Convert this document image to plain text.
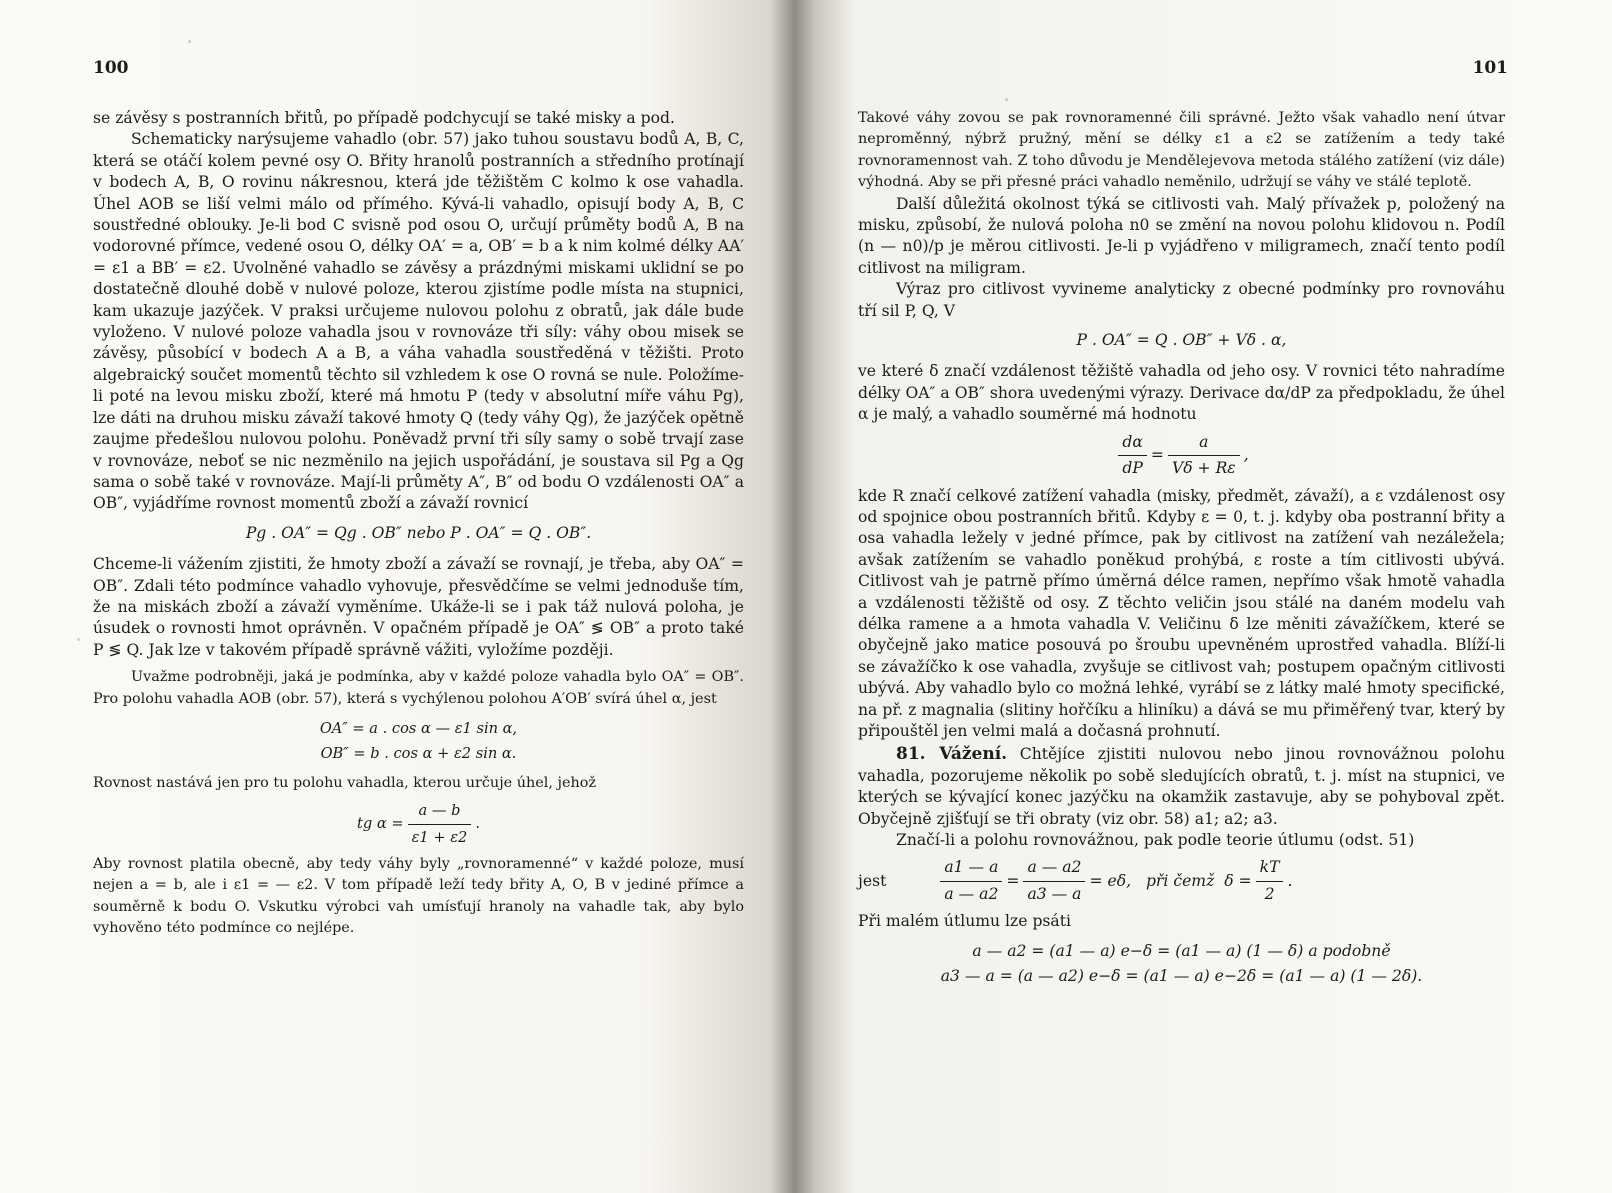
100

se závěsy s postranních břitů, po případě podchycují se také misky a pod.

Schematicky narýsujeme vahadlo (obr. 57) jako tuhou soustavu bodů A, B, C, která se otáčí kolem pevné osy O. Břity hranolů postranních a středního protínají v bodech A, B, O rovinu nákresnou, která jde těžištěm C kolmo k ose vahadla. Úhel AOB se liší velmi málo od přímého. Kývá-li vahadlo, opisují body A, B, C soustředné oblouky. Je-li bod C svisně pod osou O, určují průměty bodů A, B na vodorovné přímce, vedené osou O, délky OA′ = a, OB′ = b a k nim kolmé délky AA′ = ε1 a BB′ = ε2. Uvolněné vahadlo se závěsy a prázdnými miskami uklidní se po dostatečně dlouhé době v nulové poloze, kterou zjistíme podle místa na stupnici, kam ukazuje jazýček. V praksi určujeme nulovou polohu z obratů, jak dále bude vyloženo. V nulové poloze vahadla jsou v rovnováze tři síly: váhy obou misek se závěsy, působící v bodech A a B, a váha vahadla soustředěná v těžišti. Proto algebraický součet momentů těchto sil vzhledem k ose O rovná se nule. Položíme-li poté na levou misku zboží, které má hmotu P (tedy v absolutní míře váhu Pg), lze dáti na druhou misku závaží takové hmoty Q (tedy váhy Qg), že jazýček opětně zaujme předešlou nulovou polohu. Poněvadž první tři síly samy o sobě trvají zase v rovnováze, neboť se nic nezměnilo na jejich uspořádání, je soustava sil Pg a Qg sama o sobě také v rovnováze. Mají-li průměty A″, B″ od bodu O vzdálenosti OA″ a OB″, vyjádříme rovnost momentů zboží a závaží rovnicí

Pg . OA″ = Qg . OB″ nebo P . OA″ = Q . OB″.

Chceme-li vážením zjistiti, že hmoty zboží a závaží se rovnají, je třeba, aby OA″ = OB″. Zdali této podmínce vahadlo vyhovuje, přesvědčíme se velmi jednoduše tím, že na miskách zboží a závaží vyměníme. Ukáže-li se i pak táž nulová poloha, je úsudek o rovnosti hmot oprávněn. V opačném případě je OA″ ≶ OB″ a proto také P ≶ Q. Jak lze v takovém případě správně vážiti, vyložíme později.

Uvažme podrobněji, jaká je podmínka, aby v každé poloze vahadla bylo OA″ = OB″. Pro polohu vahadla AOB (obr. 57), která s vychýlenou polohou A′OB′ svírá úhel α, jest

OA″ = a . cos α — ε1 sin α,
OB″ = b . cos α + ε2 sin α.

Rovnost nastává jen pro tu polohu vahadla, kterou určuje úhel, jehož

tg $\alpha = \frac{a — b}{\varepsilon 1 + \varepsilon 2}$ .

Aby rovnost platila obecně, aby tedy váhy byly „rovnoramenné“ v každé poloze, musí nejen a = b, ale i ε1 = — ε2. V tom případě leží tedy břity A, O, B v jediné přímce a souměrně k bodu O. Vskutku výrobci vah umísťují hranoly na vahadle tak, aby bylo vyhověno této podmínce co nejlépe.

101

Takové váhy zovou se pak rovnoramenné čili správné. Ježto však vahadlo není útvar neproměnný, nýbrž pružný, mění se délky ε1 a ε2 se zatížením a tedy také rovnoramennost vah. Z toho důvodu je Mendělejevova metoda stálého zatížení (viz dále) výhodná. Aby se při přesné práci vahadlo neměnilo, udržují se váhy ve stálé teplotě.

Další důležitá okolnost týká se citlivosti vah. Malý přívažek p, položený na misku, způsobí, že nulová poloha n0 se změní na novou polohu klidovou n. Podíl (n — n0)/p je měrou citlivosti. Je-li p vyjádřeno v miligramech, značí tento podíl citlivost na miligram.

Výraz pro citlivost vyvineme analyticky z obecné podmínky pro rovnováhu tří sil P, Q, V

P . OA″ = Q . OB″ + Vδ . α,

ve které δ značí vzdálenost těžiště vahadla od jeho osy. V rovnici této nahradíme délky OA″ a OB″ shora uvedenými výrazy. Derivace dα/dP za předpokladu, že úhel α je malý, a vahadlo souměrné má hodnotu

$\frac{d\alpha}{dP} = \frac{a}{V\delta + R\varepsilon}$ ,

kde R značí celkové zatížení vahadla (misky, předmět, závaží), a ε vzdálenost osy od spojnice obou postranních břitů. Kdyby ε = 0, t. j. kdyby oba postranní břity a osa vahadla ležely v jedné přímce, pak by citlivost na zatížení vah nezáležela; avšak zatížením se vahadlo poněkud prohýbá, ε roste a tím citlivosti ubývá. Citlivost vah je patrně přímo úměrná délce ramen, nepřímo však hmotě vahadla a vzdálenosti těžiště od osy. Z těchto veličin jsou stálé na daném modelu vah délka ramene a a hmota vahadla V. Veličinu δ lze měniti závažíčkem, které se obyčejně jako matice posouvá po šroubu upevněném uprostřed vahadla. Blíží-li se závažíčko k ose vahadla, zvyšuje se citlivost vah; postupem opačným citlivosti ubývá. Aby vahadlo bylo co možná lehké, vyrábí se z látky malé hmoty specifické, na př. z magnalia (slitiny hořčíku a hliníku) a dává se mu přiměřený tvar, který by připouštěl jen velmi malá a dočasná prohnutí.

81. Vážení. Chtějíce zjistiti nulovou nebo jinou rovnovážnou polohu vahadla, pozorujeme několik po sobě sledujících obratů, t. j. míst na stupnici, ve kterých se kývající konec jazýčku na okamžik zastavuje, aby se pohyboval zpět. Obyčejně zjišťují se tři obraty (viz obr. 58) a1; a2; a3.

Značí-li a polohu rovnovážnou, pak podle teorie útlumu (odst. 51)

jest	$\frac{a1 — a}{a — a2} = \frac{a — a2}{a3 — a} = e\delta$,   při čemž  $\delta = \frac{kT}{2}$ .

Při malém útlumu lze psáti

a — a2 = (a1 — a) e−δ = (a1 — a) (1 — δ) a podobně
a3 — a = (a — a2) e−δ = (a1 — a) e−2δ = (a1 — a) (1 — 2δ).
